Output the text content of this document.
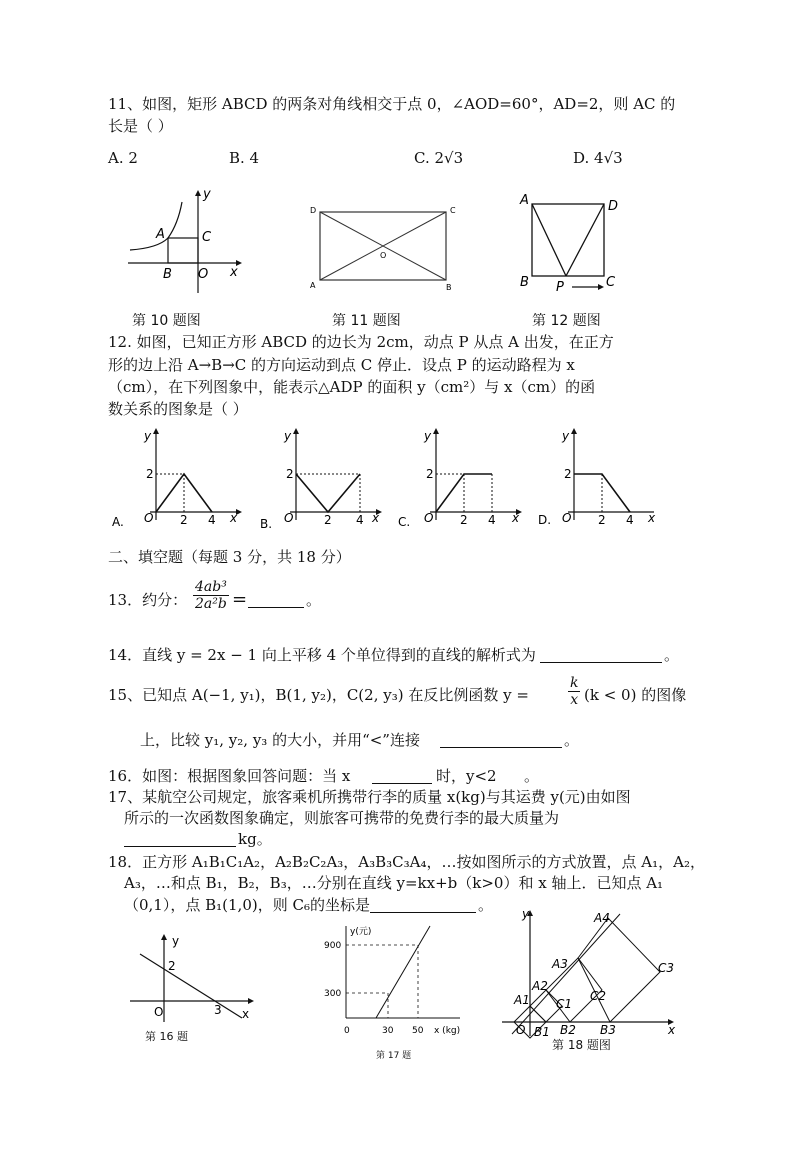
11、如图，矩形 ABCD 的两条对角线相交于点 0，∠AOD=60°，AD=2，则 AC 的
长是（ ）
A. 2	B. 4	C. 2√3	D. 4√3
y
x
A	C
B O
第 10 题图
D	C
A	B
O
第 11 题图
A	D
B	C
P
第 12 题图
12. 如图，已知正方形 ABCD 的边长为 2cm，动点 P 从点 A 出发，在正方
形的边上沿 A→B→C 的方向运动到点 C 停止．设点 P 的运动路程为 x
（cm），在下列图象中，能表示△ADP 的面积 y（cm²）与 x（cm）的函
数关系的图象是（ ）
A.
y
x
O
2
2 4	B.
y
x
O
2
2 4	C.
y
x
O
2
2 4	D.
y
x
O
2
2 4
二、填空题（每题 3 分，共 18 分）
13．约分： $\frac{\text{4ab³}}{\text{2a²b}}$ =	。
14．直线 y = 2x − 1 向上平移 4 个单位得到的直线的解析式为	。
15、已知点 A(−1, y₁)，B(1, y₂)，C(2, y₃) 在反比例函数 y =	$\frac{k}{x} (k < 0)$ 的图像
上，比较 y₁, y₂, y₃ 的大小，并用“<”连接	。
16．如图：根据图象回答问题：当 x	时，y<2 。
17、某航空公司规定，旅客乘机所携带行李的质量 x(kg)与其运费 y(元)由如图
所示的一次函数图象确定，则旅客可携带的免费行李的最大质量为
kg。
18．正方形 A₁B₁C₁A₂，A₂B₂C₂A₃，A₃B₃C₃A₄，…按如图所示的方式放置，点 A₁，A₂，
A₃，…和点 B₁，B₂，B₃，…分别在直线 y=kx+b（k>0）和 x 轴上．已知点 A₁
（0,1），点 B₁(1,0)，则 C₆的坐标是	。
y
2
O	3 x
第 16 题
y(元)
900
300
0	30 50 x (kg)
第 17 题
y
x
O
A1
A2
A3
A4
B1 B2 B3
C1
C2
C3
第 18 题图
